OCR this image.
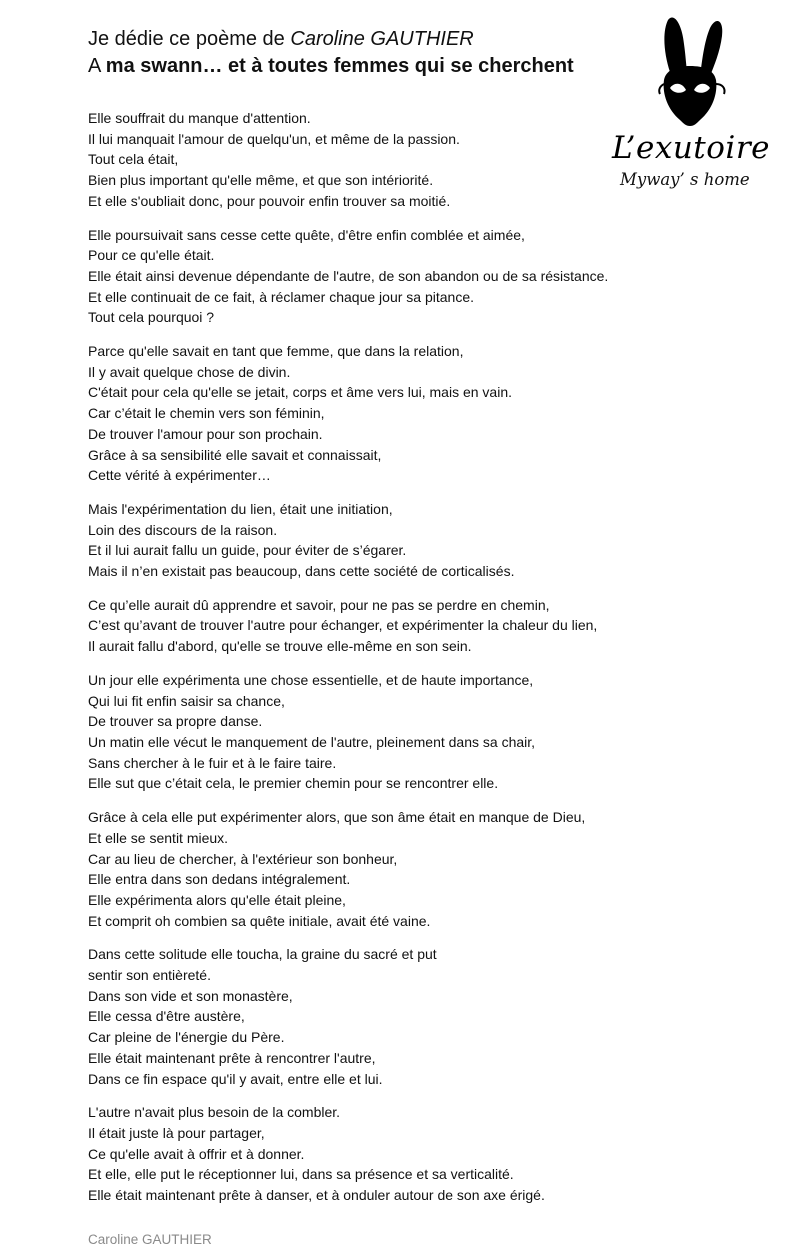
Je dédie ce poème de Caroline GAUTHIER
A ma swann… et à toutes femmes qui se cherchent
L’exutoire
Myway’ s home
Elle souffrait du manque d'attention.
Il lui manquait l'amour de quelqu'un, et même de la passion.
Tout cela était,
Bien plus important qu'elle même, et que son intériorité.
Et elle s'oubliait donc, pour pouvoir enfin trouver sa moitié.
Elle poursuivait sans cesse cette quête, d'être enfin comblée et aimée,
Pour ce qu'elle était.
Elle était ainsi devenue dépendante de l'autre, de son abandon ou de sa résistance.
Et elle continuait de ce fait, à réclamer chaque jour sa pitance.
Tout cela pourquoi ?
Parce qu'elle savait en tant que femme, que dans la relation,
Il y avait quelque chose de divin.
C'était pour cela qu'elle se jetait, corps et âme vers lui, mais en vain.
Car c’était le chemin vers son féminin,
De trouver l'amour pour son prochain.
Grâce à sa sensibilité elle savait et connaissait,
Cette vérité à expérimenter…
Mais l'expérimentation du lien, était une initiation,
Loin des discours de la raison.
Et il lui aurait fallu un guide, pour éviter de s’égarer.
Mais il n’en existait pas beaucoup, dans cette société de corticalisés.
Ce qu’elle aurait dû apprendre et savoir, pour ne pas se perdre en chemin,
C’est qu’avant de trouver l'autre pour échanger, et expérimenter la chaleur du lien,
Il aurait fallu d'abord, qu'elle se trouve elle-même en son sein.
Un jour elle expérimenta une chose essentielle, et de haute importance,
Qui lui fit enfin saisir sa chance,
De trouver sa propre danse.
Un matin elle vécut le manquement de l'autre, pleinement dans sa chair,
Sans chercher à le fuir et à le faire taire.
Elle sut que c’était cela, le premier chemin pour se rencontrer elle.
Grâce à cela elle put expérimenter alors, que son âme était en manque de Dieu,
Et elle se sentit mieux.
Car au lieu de chercher, à l'extérieur son bonheur,
Elle entra dans son dedans intégralement.
Elle expérimenta alors qu'elle était pleine,
Et comprit oh combien sa quête initiale, avait été vaine.
Dans cette solitude elle toucha, la graine du sacré et put
sentir son entièreté.
Dans son vide et son monastère,
Elle cessa d'être austère,
Car pleine de l'énergie du Père.
Elle était maintenant prête à rencontrer l'autre,
Dans ce fin espace qu'il y avait, entre elle et lui.
L'autre n'avait plus besoin de la combler.
Il était juste là pour partager,
Ce qu'elle avait à offrir et à donner.
Et elle, elle put le réceptionner lui, dans sa présence et sa verticalité.
Elle était maintenant prête à danser, et à onduler autour de son axe érigé.
Caroline GAUTHIER
